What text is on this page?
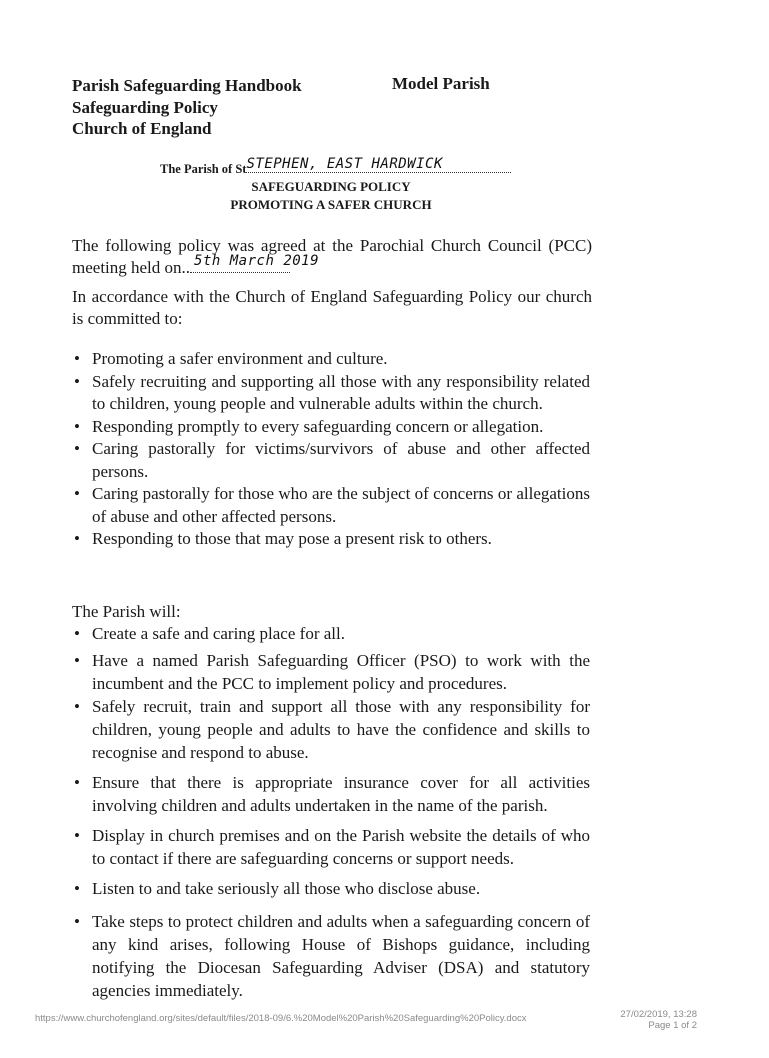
Parish Safeguarding Handbook
Safeguarding Policy
Church of England
Model Parish
The Parish of St STEPHEN, EAST HARDWICK
SAFEGUARDING POLICY
PROMOTING A SAFER CHURCH
The following policy was agreed at the Parochial Church Council (PCC) meeting held on.. 5th March 2019
In accordance with the Church of England Safeguarding Policy our church is committed to:
• Promoting a safer environment and culture.
• Safely recruiting and supporting all those with any responsibility related to children, young people and vulnerable adults within the church.
• Responding promptly to every safeguarding concern or allegation.
• Caring pastorally for victims/survivors of abuse and other affected persons.
• Caring pastorally for those who are the subject of concerns or allegations of abuse and other affected persons.
• Responding to those that may pose a present risk to others.
The Parish will:
• Create a safe and caring place for all.
• Have a named Parish Safeguarding Officer (PSO) to work with the incumbent and the PCC to implement policy and procedures.
• Safely recruit, train and support all those with any responsibility for children, young people and adults to have the confidence and skills to recognise and respond to abuse.
• Ensure that there is appropriate insurance cover for all activities involving children and adults undertaken in the name of the parish.
• Display in church premises and on the Parish website the details of who to contact if there are safeguarding concerns or support needs.
• Listen to and take seriously all those who disclose abuse.
• Take steps to protect children and adults when a safeguarding concern of any kind arises, following House of Bishops guidance, including notifying the Diocesan Safeguarding Adviser (DSA) and statutory agencies immediately.
https://www.churchofengland.org/sites/default/files/2018-09/6.%20Model%20Parish%20Safeguarding%20Policy.docx	27/02/2019, 13:28
Page 1 of 2
